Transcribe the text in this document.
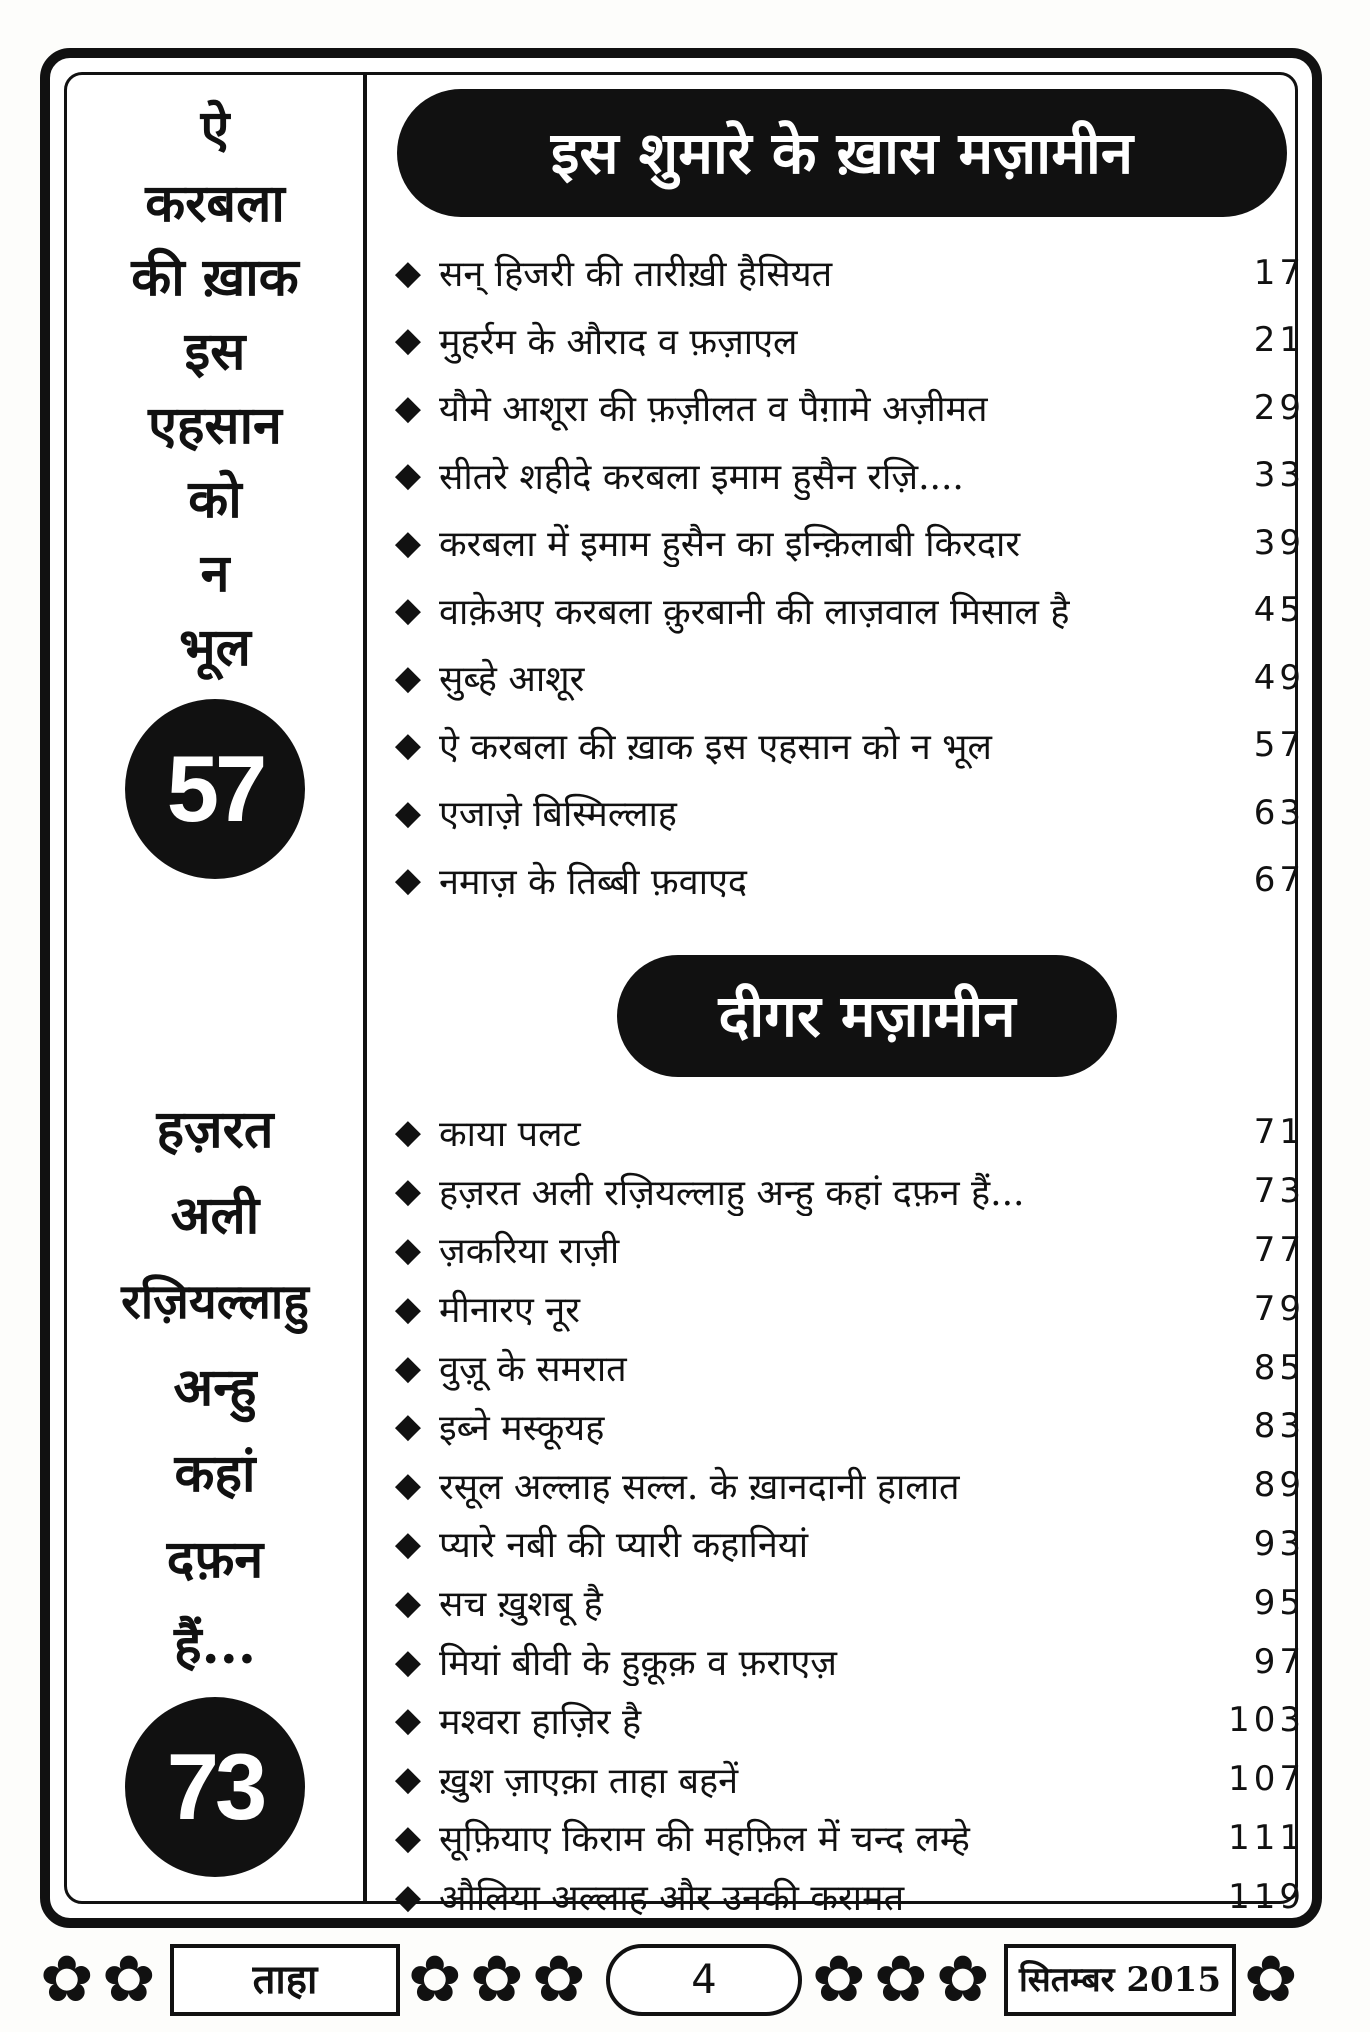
ऐ
करबला
की ख़ाक
इस
एहसान
को
न
भूल
57
हज़रत
अली
रज़ियल्लाहु
अन्हु
कहां
दफ़न
हैं...
73
इस शुमारे के ख़ास मज़ामीन
◆ सन् हिजरी की तारीख़ी हैसियत	17
◆ मुहर्रम के औराद व फ़ज़ाएल	21
◆ यौमे आशूरा की फ़ज़ीलत व पैग़ामे अज़ीमत	29
◆ सीतरे शहीदे करबला इमाम हुसैन रज़ि....	33
◆ करबला में इमाम हुसैन का इन्क़िलाबी किरदार	39
◆ वाक़ेअए करबला क़ुरबानी की लाज़वाल मिसाल है	45
◆ सुब्हे आशूर	49
◆ ऐ करबला की ख़ाक इस एहसान को न भूल	57
◆ एजाज़े बिस्मिल्लाह	63
◆ नमाज़ के तिब्बी फ़वाएद	67
दीगर मज़ामीन
◆ काया पलट	71
◆ हज़रत अली रज़ियल्लाहु अन्हु कहां दफ़न हैं...	73
◆ ज़करिया राज़ी	77
◆ मीनारए नूर	79
◆ वुज़ू के समरात	85
◆ इब्ने मस्कूयह	83
◆ रसूल अल्लाह सल्ल. के ख़ानदानी हालात	89
◆ प्यारे नबी की प्यारी कहानियां	93
◆ सच ख़ुशबू है	95
◆ मियां बीवी के हुक़ूक़ व फ़राएज़	97
◆ मश्वरा हाज़िर है	103
◆ ख़ुश ज़ाएक़ा ताहा बहनें	107
◆ सूफ़ियाए किराम की महफ़िल में चन्द लम्हे	111
◆ औलिया अल्लाह और उनकी करामत	119
✿ ✿	ताहा	✿ ✿ ✿	4	✿ ✿ ✿ सितम्बर 2015 ✿
